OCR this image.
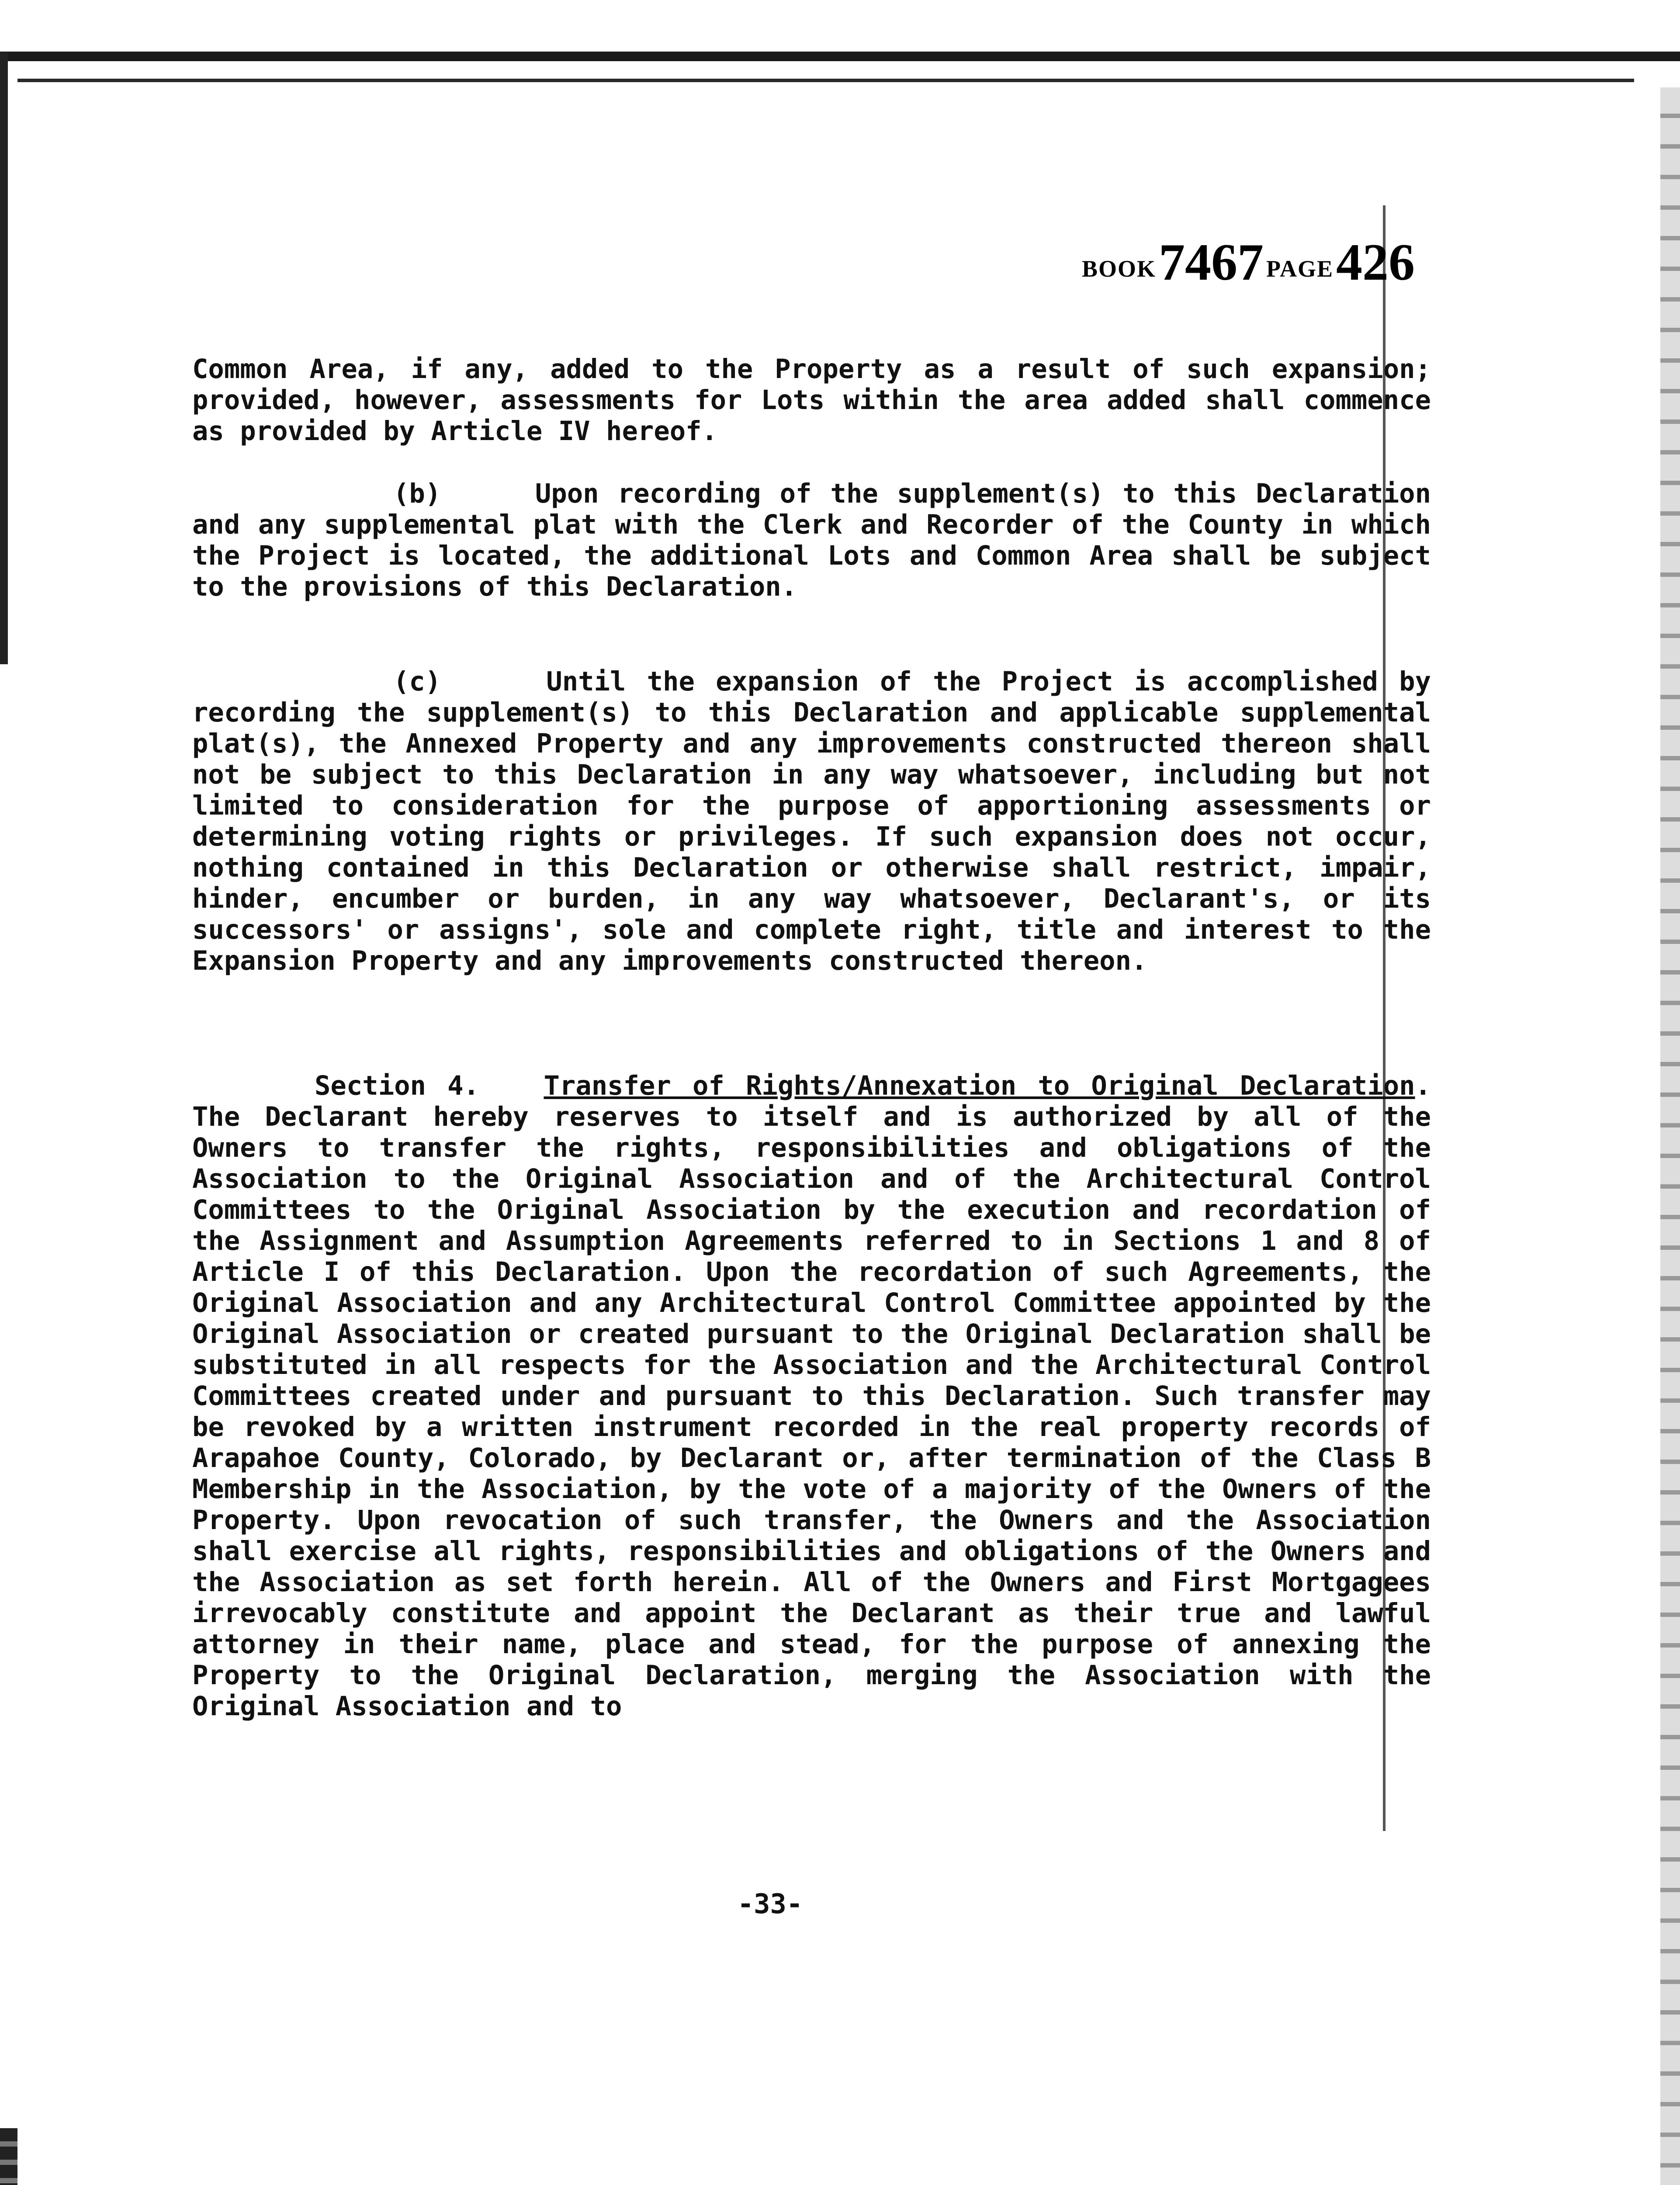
BOOK 7467 PAGE 426

Common Area, if any, added to the Property as a result of such expansion; provided, however, assessments for Lots within the area added shall commence as provided by Article IV hereof.

(b)     Upon recording of the supplement(s) to this Declaration and any supplemental plat with the Clerk and Recorder of the County in which the Project is located, the additional Lots and Common Area shall be subject to the provisions of this Declaration.

(c)     Until the expansion of the Project is accomplished by recording the supplement(s) to this Declaration and applicable supplemental plat(s), the Annexed Property and any improvements constructed thereon shall not be subject to this Declaration in any way whatsoever, including but not limited to consideration for the purpose of apportioning assessments or determining voting rights or privileges. If such expansion does not occur, nothing contained in this Declaration or otherwise shall restrict, impair, hinder, encumber or burden, in any way whatsoever, Declarant's, or its successors' or assigns', sole and complete right, title and interest to the Expansion Property and any improvements constructed thereon.

Section 4. Transfer of Rights/Annexation to Original Declaration. The Declarant hereby reserves to itself and is authorized by all of the Owners to transfer the rights, responsibilities and obligations of the Association to the Original Association and of the Architectural Control Committees to the Original Association by the execution and recordation of the Assignment and Assumption Agreements referred to in Sections 1 and 8 of Article I of this Declaration. Upon the recordation of such Agreements, the Original Association and any Architectural Control Committee appointed by the Original Association or created pursuant to the Original Declaration shall be substituted in all respects for the Association and the Architectural Control Committees created under and pursuant to this Declaration. Such transfer may be revoked by a written instrument recorded in the real property records of Arapahoe County, Colorado, by Declarant or, after termination of the Class B Membership in the Association, by the vote of a majority of the Owners of the Property. Upon revocation of such transfer, the Owners and the Association shall exercise all rights, responsibilities and obligations of the Owners and the Association as set forth herein. All of the Owners and First Mortgagees irrevocably constitute and appoint the Declarant as their true and lawful attorney in their name, place and stead, for the purpose of annexing the Property to the Original Declaration, merging the Association with the Original Association and to

-33-
